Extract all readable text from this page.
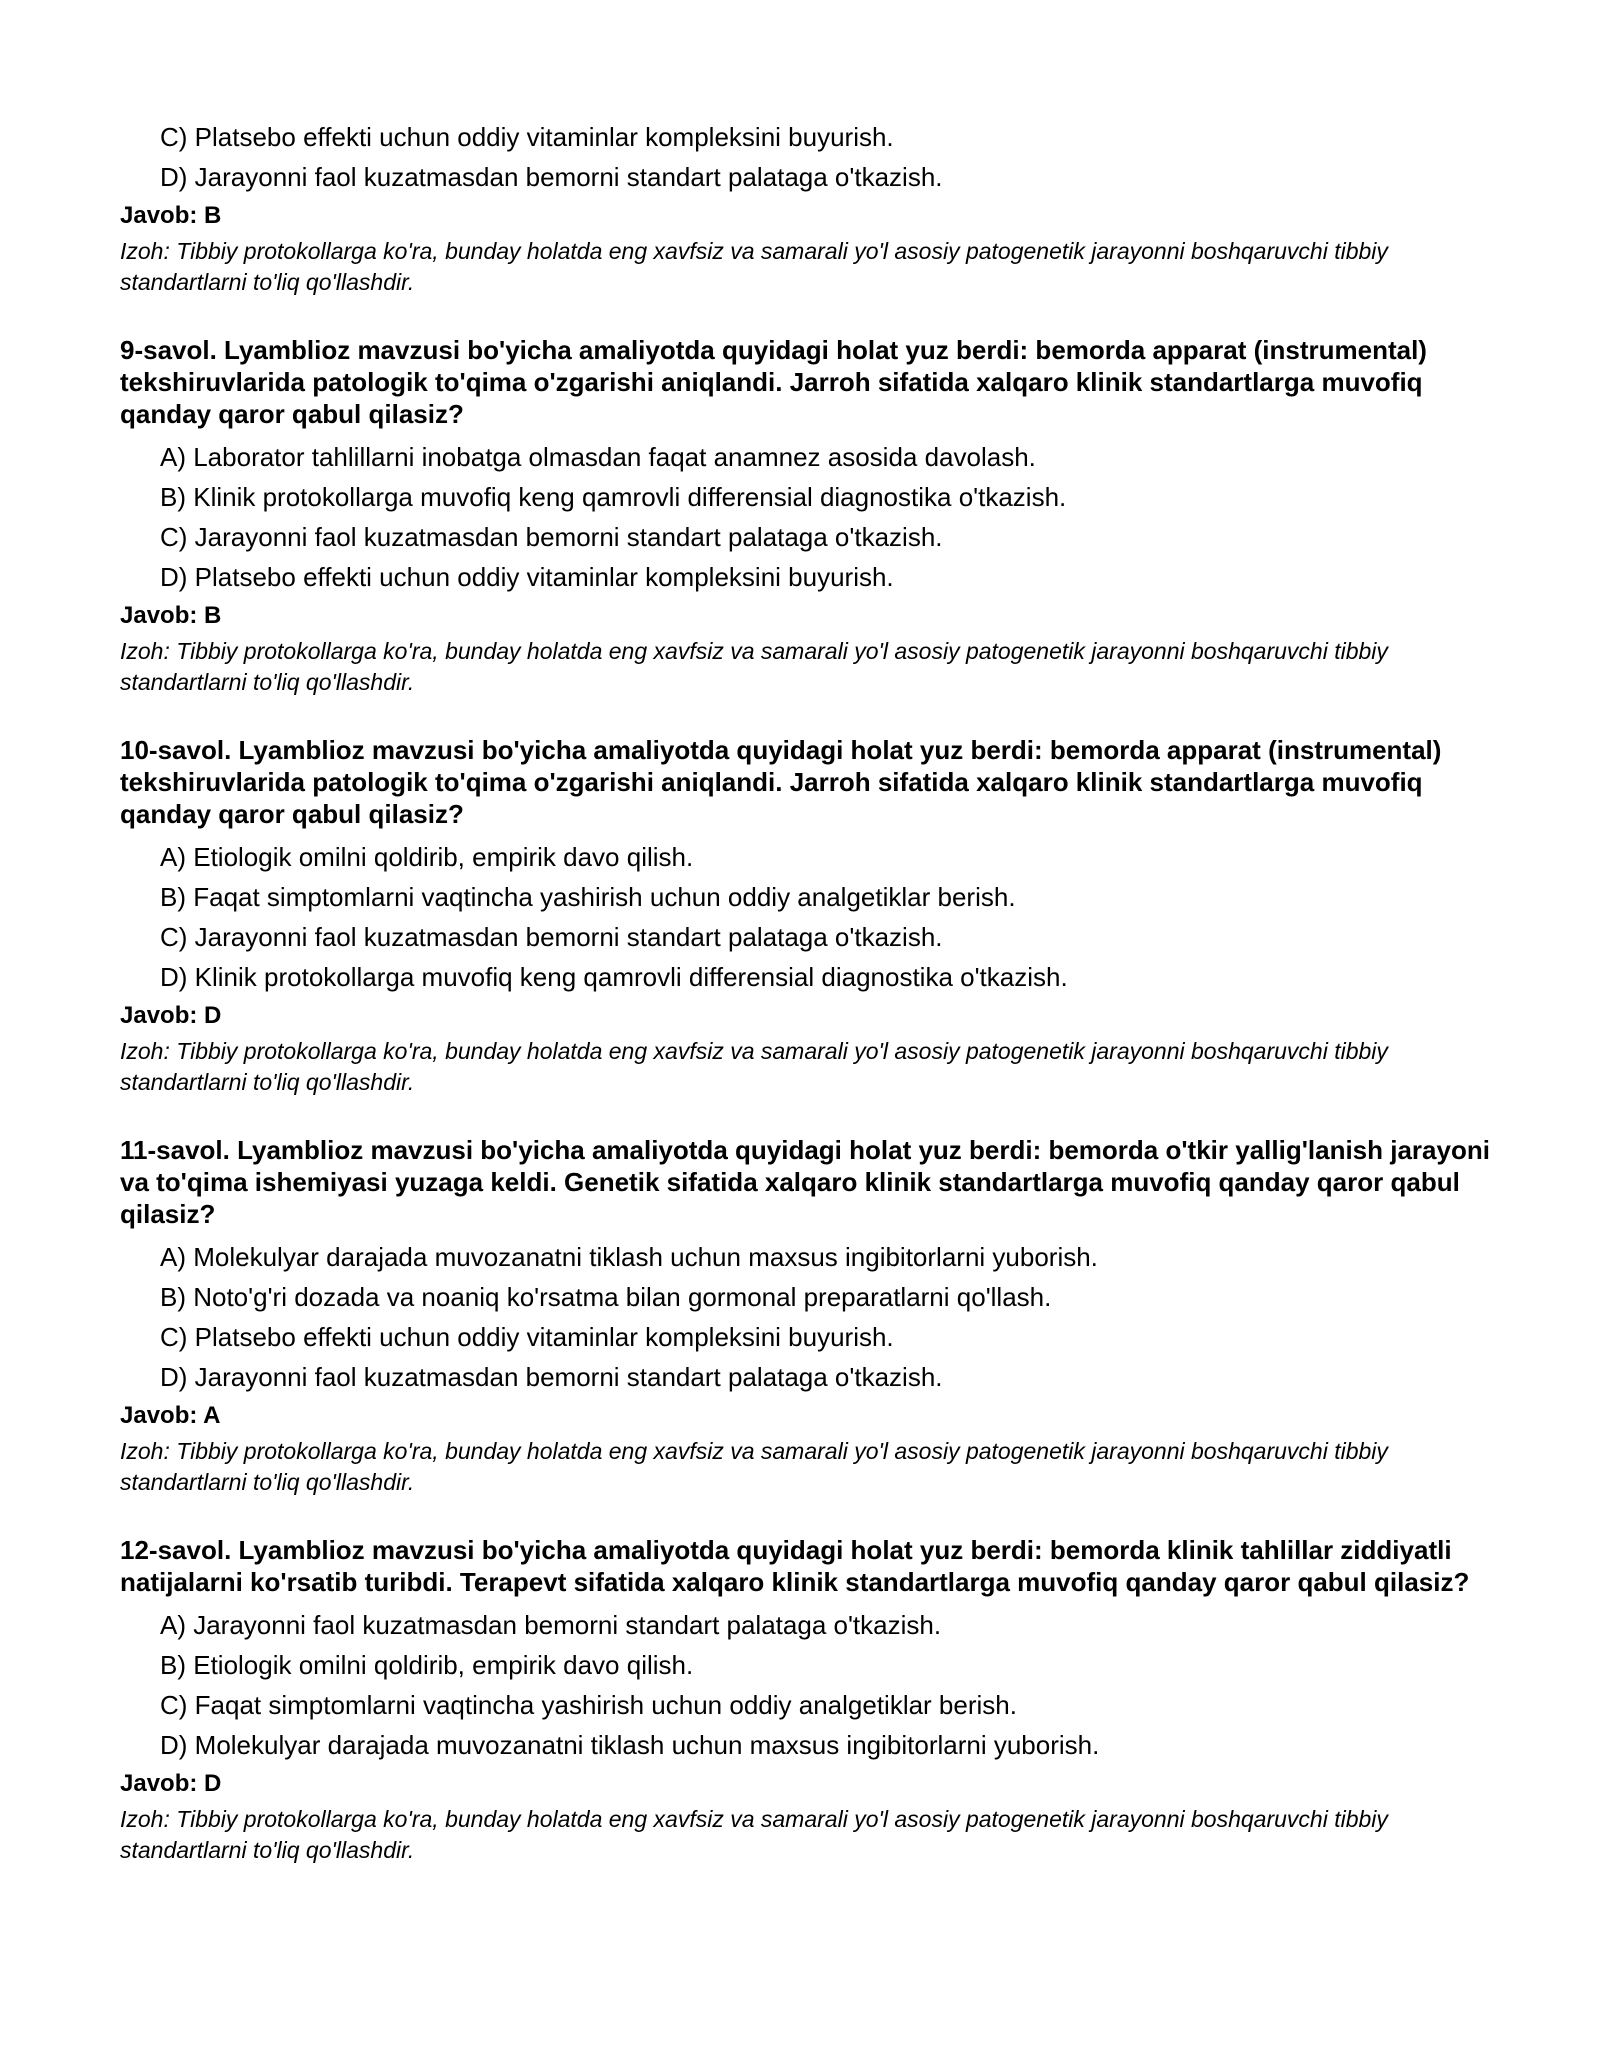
C) Platsebo effekti uchun oddiy vitaminlar kompleksini buyurish.

D) Jarayonni faol kuzatmasdan bemorni standart palataga o'tkazish.

Javob: B

Izoh: Tibbiy protokollarga ko'ra, bunday holatda eng xavfsiz va samarali yo'l asosiy patogenetik jarayonni boshqaruvchi tibbiy standartlarni to'liq qo'llashdir.

9-savol. Lyamblioz mavzusi bo'yicha amaliyotda quyidagi holat yuz berdi: bemorda apparat (instrumental) tekshiruvlarida patologik to'qima o'zgarishi aniqlandi. Jarroh sifatida xalqaro klinik standartlarga muvofiq qanday qaror qabul qilasiz?

A) Laborator tahlillarni inobatga olmasdan faqat anamnez asosida davolash.

B) Klinik protokollarga muvofiq keng qamrovli differensial diagnostika o'tkazish.

C) Jarayonni faol kuzatmasdan bemorni standart palataga o'tkazish.

D) Platsebo effekti uchun oddiy vitaminlar kompleksini buyurish.

Javob: B

Izoh: Tibbiy protokollarga ko'ra, bunday holatda eng xavfsiz va samarali yo'l asosiy patogenetik jarayonni boshqaruvchi tibbiy standartlarni to'liq qo'llashdir.

10-savol. Lyamblioz mavzusi bo'yicha amaliyotda quyidagi holat yuz berdi: bemorda apparat (instrumental) tekshiruvlarida patologik to'qima o'zgarishi aniqlandi. Jarroh sifatida xalqaro klinik standartlarga muvofiq qanday qaror qabul qilasiz?

A) Etiologik omilni qoldirib, empirik davo qilish.

B) Faqat simptomlarni vaqtincha yashirish uchun oddiy analgetiklar berish.

C) Jarayonni faol kuzatmasdan bemorni standart palataga o'tkazish.

D) Klinik protokollarga muvofiq keng qamrovli differensial diagnostika o'tkazish.

Javob: D

Izoh: Tibbiy protokollarga ko'ra, bunday holatda eng xavfsiz va samarali yo'l asosiy patogenetik jarayonni boshqaruvchi tibbiy standartlarni to'liq qo'llashdir.

11-savol. Lyamblioz mavzusi bo'yicha amaliyotda quyidagi holat yuz berdi: bemorda o'tkir yallig'lanish jarayoni va to'qima ishemiyasi yuzaga keldi. Genetik sifatida xalqaro klinik standartlarga muvofiq qanday qaror qabul qilasiz?

A) Molekulyar darajada muvozanatni tiklash uchun maxsus ingibitorlarni yuborish.

B) Noto'g'ri dozada va noaniq ko'rsatma bilan gormonal preparatlarni qo'llash.

C) Platsebo effekti uchun oddiy vitaminlar kompleksini buyurish.

D) Jarayonni faol kuzatmasdan bemorni standart palataga o'tkazish.

Javob: A

Izoh: Tibbiy protokollarga ko'ra, bunday holatda eng xavfsiz va samarali yo'l asosiy patogenetik jarayonni boshqaruvchi tibbiy standartlarni to'liq qo'llashdir.

12-savol. Lyamblioz mavzusi bo'yicha amaliyotda quyidagi holat yuz berdi: bemorda klinik tahlillar ziddiyatli natijalarni ko'rsatib turibdi. Terapevt sifatida xalqaro klinik standartlarga muvofiq qanday qaror qabul qilasiz?

A) Jarayonni faol kuzatmasdan bemorni standart palataga o'tkazish.

B) Etiologik omilni qoldirib, empirik davo qilish.

C) Faqat simptomlarni vaqtincha yashirish uchun oddiy analgetiklar berish.

D) Molekulyar darajada muvozanatni tiklash uchun maxsus ingibitorlarni yuborish.

Javob: D

Izoh: Tibbiy protokollarga ko'ra, bunday holatda eng xavfsiz va samarali yo'l asosiy patogenetik jarayonni boshqaruvchi tibbiy standartlarni to'liq qo'llashdir.
